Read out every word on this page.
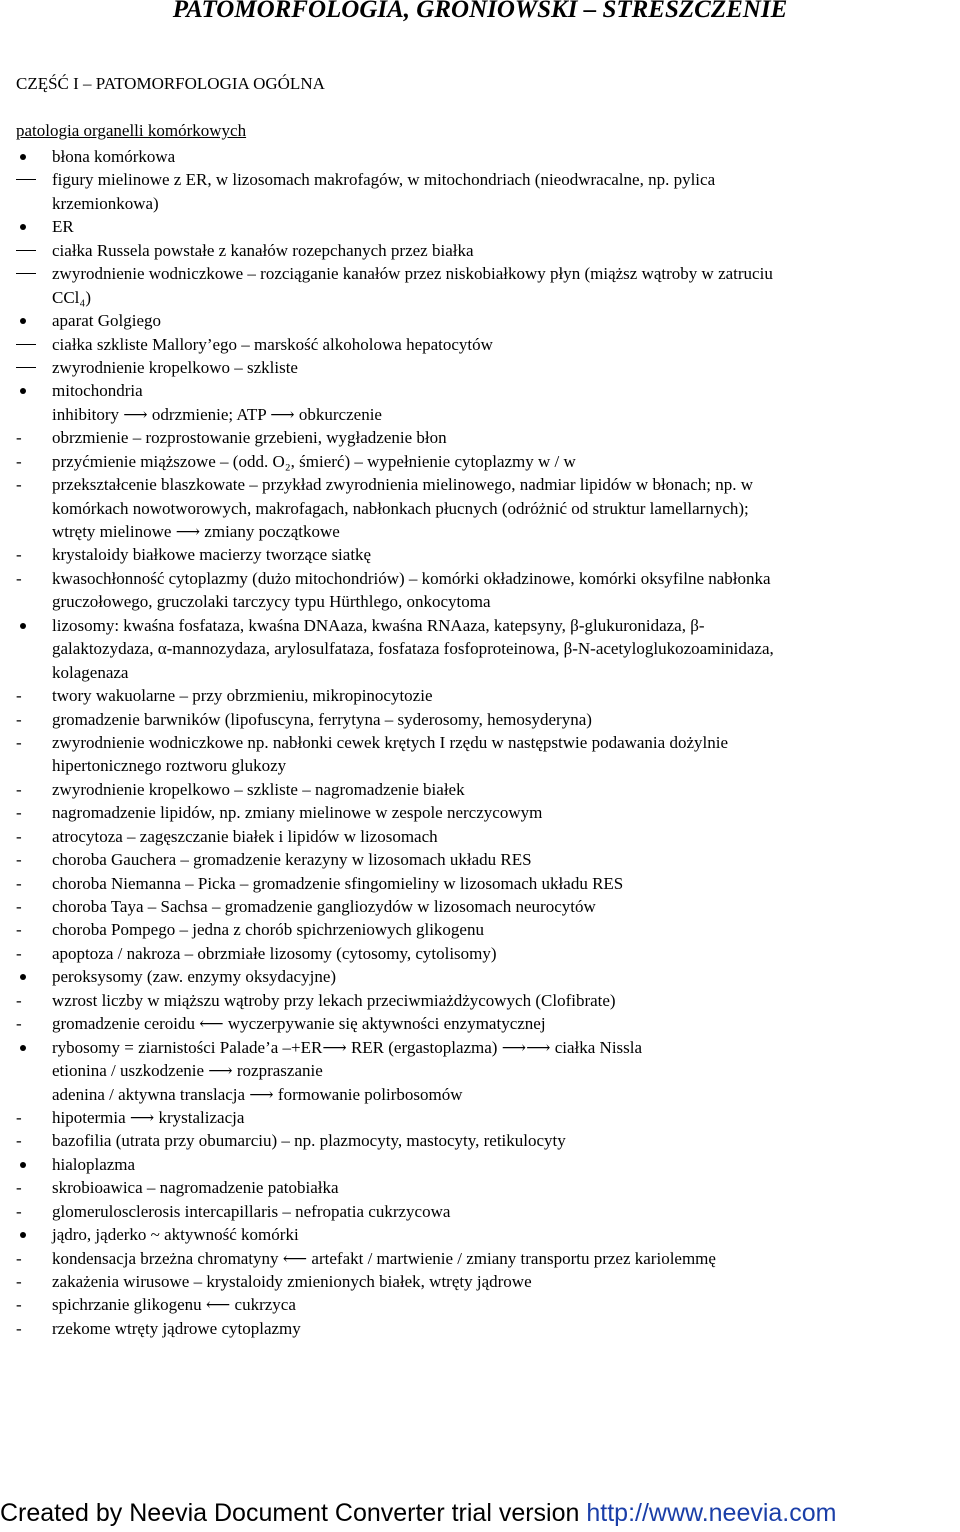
PATOMORFOLOGIA, GRONIOWSKI – STRESZCZENIE
CZĘŚĆ I – PATOMORFOLOGIA OGÓLNA
patologia organelli komórkowych
błona komórkowa
figury mielinowe z ER, w lizosomach makrofagów, w mitochondriach (nieodwracalne, np. pylica
krzemionkowa)
ER
ciałka Russela powstałe z kanałów rozepchanych przez białka
zwyrodnienie wodniczkowe – rozciąganie kanałów przez niskobiałkowy płyn (miąższ wątroby w zatruciu
CCl₄)
aparat Golgiego
ciałka szkliste Mallory’ego – marskość alkoholowa hepatocytów
zwyrodnienie kropelkowo – szkliste
mitochondria
inhibitory ⟶ odrzmienie; ATP ⟶ obkurczenie
obrzmienie – rozprostowanie grzebieni, wygładzenie błon
przyćmienie miąższowe – (odd. O₂, śmierć) – wypełnienie cytoplazmy w / w
przekształcenie blaszkowate – przykład zwyrodnienia mielinowego, nadmiar lipidów w błonach; np. w
komórkach nowotworowych, makrofagach, nabłonkach płucnych (odróżnić od struktur lamellarnych);
wtręty mielinowe ⟶ zmiany początkowe
krystaloidy białkowe macierzy tworzące siatkę
kwasochłonność cytoplazmy (dużo mitochondriów) – komórki okładzinowe, komórki oksyfilne nabłonka
gruczołowego, gruczolaki tarczycy typu Hürthlego, onkocytoma
lizosomy: kwaśna fosfataza, kwaśna DNAaza, kwaśna RNAaza, katepsyny, β-glukuronidaza, β-
galaktozydaza, α-mannozydaza, arylosulfataza, fosfataza fosfoproteinowa, β-N-acetyloglukozoaminidaza,
kolagenaza
twory wakuolarne – przy obrzmieniu, mikropinocytozie
gromadzenie barwników (lipofuscyna, ferrytyna – syderosomy, hemosyderyna)
zwyrodnienie wodniczkowe np. nabłonki cewek krętych I rzędu w następstwie podawania dożylnie
hipertonicznego roztworu glukozy
zwyrodnienie kropelkowo – szkliste – nagromadzenie białek
nagromadzenie lipidów, np. zmiany mielinowe w zespole nerczycowym
atrocytoza – zagęszczanie białek i lipidów w lizosomach
choroba Gauchera – gromadzenie kerazyny w lizosomach układu RES
choroba Niemanna – Picka – gromadzenie sfingomieliny w lizosomach układu RES
choroba Taya – Sachsa – gromadzenie gangliozydów w lizosomach neurocytów
choroba Pompego – jedna z chorób spichrzeniowych glikogenu
apoptoza / nakroza – obrzmiałe lizosomy (cytosomy, cytolisomy)
peroksysomy (zaw. enzymy oksydacyjne)
wzrost liczby w miąższu wątroby przy lekach przeciwmiażdżycowych (Clofibrate)
gromadzenie ceroidu ⟵ wyczerpywanie się aktywności enzymatycznej
rybosomy = ziarnistości Palade’a –+ER⟶ RER (ergastoplazma) ⟶⟶ ciałka Nissla
etionina / uszkodzenie ⟶ rozpraszanie
adenina / aktywna translacja ⟶ formowanie polirbosomów
hipotermia ⟶ krystalizacja
bazofilia (utrata przy obumarciu) – np. plazmocyty, mastocyty, retikulocyty
hialoplazma
skrobioawica – nagromadzenie patobiałka
glomerulosclerosis intercapillaris – nefropatia cukrzycowa
jądro, jąderko ~ aktywność komórki
kondensacja brzeżna chromatyny ⟵ artefakt / martwienie / zmiany transportu przez kariolemmę
zakażenia wirusowe – krystaloidy zmienionych białek, wtręty jądrowe
spichrzanie glikogenu ⟵ cukrzyca
rzekome wtręty jądrowe cytoplazmy
Created by Neevia Document Converter trial version http://www.neevia.com
